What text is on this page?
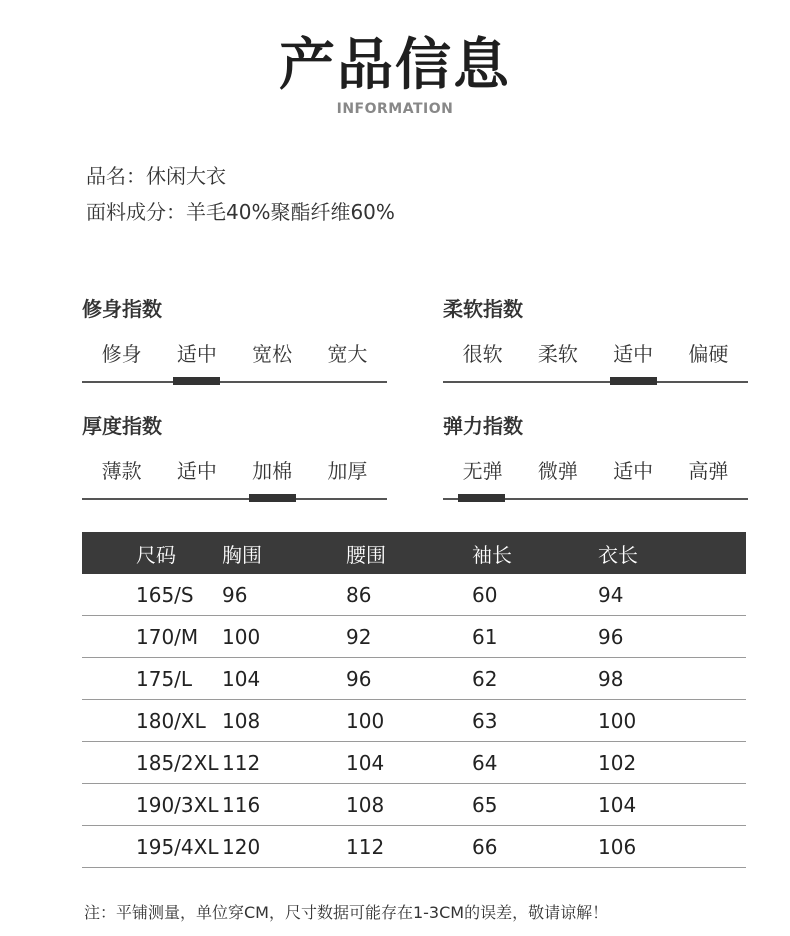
产品信息
INFORMATION
品名：休闲大衣
面料成分：羊毛40%聚酯纤维60%
修身指数
修身 适中 宽松 宽大
柔软指数
很软 柔软 适中 偏硬
厚度指数
薄款 适中 加棉 加厚
弹力指数
无弹 微弹 适中 高弹
尺码	胸围	腰围	袖长	衣长
165/S	96	86	60	94
170/M	100	92	61	96
175/L	104	96	62	98
180/XL	108	100	63	100
185/2XL	112	104	64	102
190/3XL	116	108	65	104
195/4XL	120	112	66	106
注：平铺测量，单位穿CM，尺寸数据可能存在1-3CM的误差，敬请谅解！
